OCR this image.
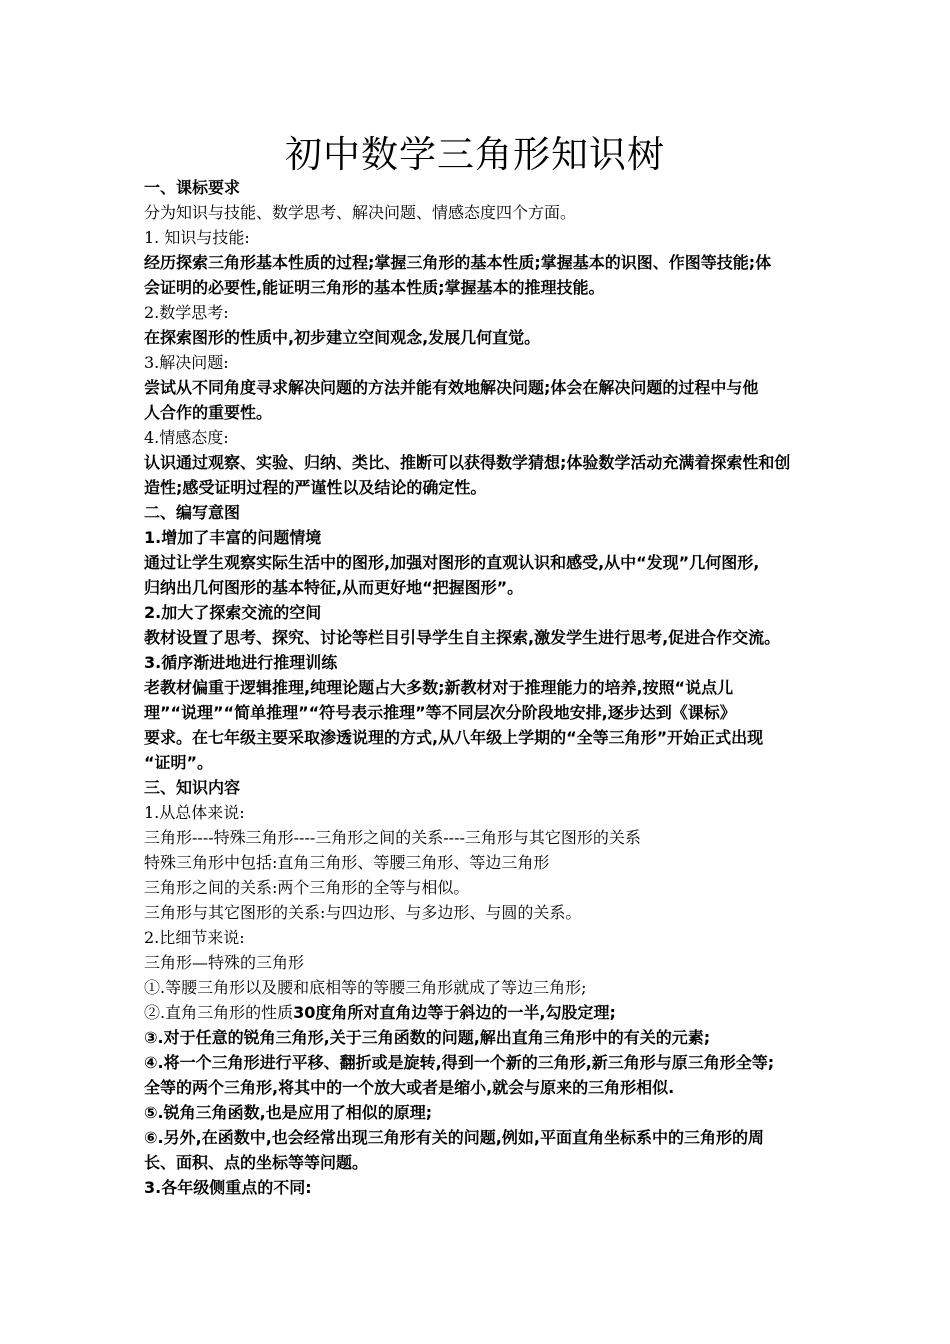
初中数学三角形知识树
一、课标要求
分为知识与技能、数学思考、解决问题、情感态度四个方面。
1. 知识与技能:
经历探索三角形基本性质的过程;掌握三角形的基本性质;掌握基本的识图、作图等技能;体
会证明的必要性,能证明三角形的基本性质;掌握基本的推理技能。
2.数学思考:
在探索图形的性质中,初步建立空间观念,发展几何直觉。
3.解决问题:
尝试从不同角度寻求解决问题的方法并能有效地解决问题;体会在解决问题的过程中与他
人合作的重要性。
4.情感态度:
认识通过观察、实验、归纳、类比、推断可以获得数学猜想;体验数学活动充满着探索性和创
造性;感受证明过程的严谨性以及结论的确定性。
二、编写意图
1.增加了丰富的问题情境
通过让学生观察实际生活中的图形,加强对图形的直观认识和感受,从中“发现”几何图形,
归纳出几何图形的基本特征,从而更好地“把握图形”。
2.加大了探索交流的空间
教材设置了思考、探究、讨论等栏目引导学生自主探索,激发学生进行思考,促进合作交流。
3.循序渐进地进行推理训练
老教材偏重于逻辑推理,纯理论题占大多数;新教材对于推理能力的培养,按照“说点儿
理”“说理”“简单推理”“符号表示推理”等不同层次分阶段地安排,逐步达到《课标》
要求。在七年级主要采取渗透说理的方式,从八年级上学期的“全等三角形”开始正式出现
“证明”。
三、知识内容
1.从总体来说:
三角形----特殊三角形----三角形之间的关系----三角形与其它图形的关系
特殊三角形中包括:直角三角形、等腰三角形、等边三角形
三角形之间的关系:两个三角形的全等与相似。
三角形与其它图形的关系:与四边形、与多边形、与圆的关系。
2.比细节来说:
三角形—特殊的三角形
①.等腰三角形以及腰和底相等的等腰三角形就成了等边三角形;
②.直角三角形的性质30度角所对直角边等于斜边的一半,勾股定理;
③.对于任意的锐角三角形,关于三角函数的问题,解出直角三角形中的有关的元素;
④.将一个三角形进行平移、翻折或是旋转,得到一个新的三角形,新三角形与原三角形全等;
全等的两个三角形,将其中的一个放大或者是缩小,就会与原来的三角形相似.
⑤.锐角三角函数,也是应用了相似的原理;
⑥.另外,在函数中,也会经常出现三角形有关的问题,例如,平面直角坐标系中的三角形的周
长、面积、点的坐标等等问题。
3.各年级侧重点的不同:
